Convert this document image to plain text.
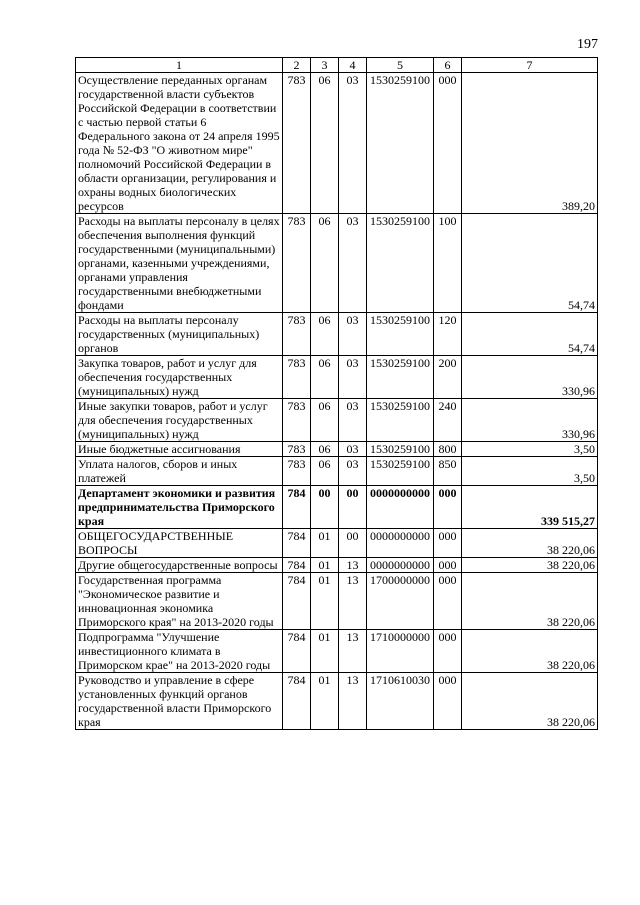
197
1	2	3	4	5	6	7
Осуществление переданных органам государственной власти субъектов Российской Федерации в соответствии с частью первой статьи 6 Федерального закона от 24 апреля 1995 года № 52-ФЗ "О животном мире" полномочий Российской Федерации в области организации, регулирования и охраны водных биологических ресурсов	783	06	03	1530259100	000	389,20
Расходы на выплаты персоналу в целях обеспечения выполнения функций государственными (муниципальными) органами, казенными учреждениями, органами управления государственными внебюджетными фондами	783	06	03	1530259100	100	54,74
Расходы на выплаты персоналу государственных (муниципальных) органов	783	06	03	1530259100	120	54,74
Закупка товаров, работ и услуг для обеспечения государственных (муниципальных) нужд	783	06	03	1530259100	200	330,96
Иные закупки товаров, работ и услуг для обеспечения государственных (муниципальных) нужд	783	06	03	1530259100	240	330,96
Иные бюджетные ассигнования	783	06	03	1530259100	800	3,50
Уплата налогов, сборов и иных платежей	783	06	03	1530259100	850	3,50
Департамент экономики и развития предпринимательства Приморского края	784	00	00	0000000000	000	339 515,27
ОБЩЕГОСУДАРСТВЕННЫЕ ВОПРОСЫ	784	01	00	0000000000	000	38 220,06
Другие общегосударственные вопросы	784	01	13	0000000000	000	38 220,06
Государственная программа "Экономическое развитие и инновационная экономика Приморского края" на 2013-2020 годы	784	01	13	1700000000	000	38 220,06
Подпрограмма "Улучшение инвестиционного климата в Приморском крае" на 2013-2020 годы	784	01	13	1710000000	000	38 220,06
Руководство и управление в сфере установленных функций органов государственной власти Приморского края	784	01	13	1710610030	000	38 220,06
